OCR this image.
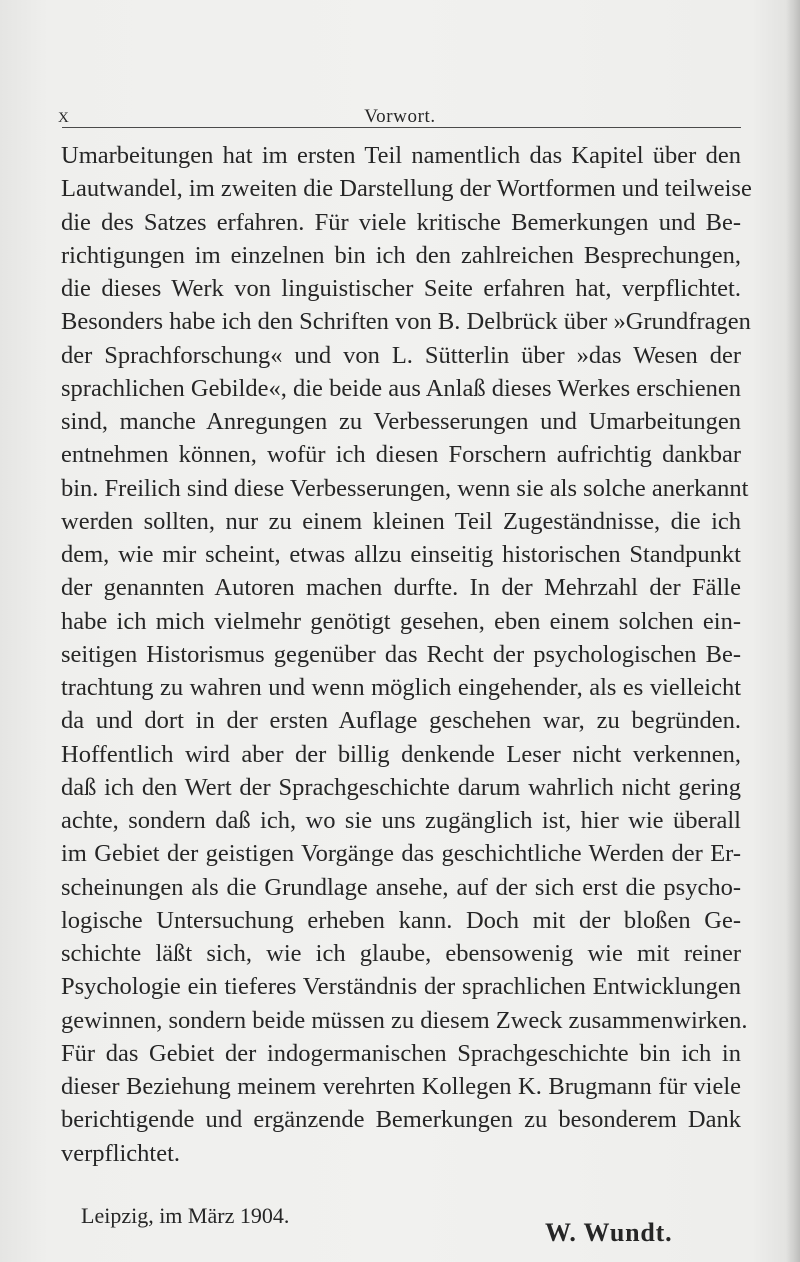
X	Vorwort.
Umarbeitungen hat im ersten Teil namentlich das Kapitel über den
Lautwandel, im zweiten die Darstellung der Wortformen und teilweise
die des Satzes erfahren. Für viele kritische Bemerkungen und Be-
richtigungen im einzelnen bin ich den zahlreichen Besprechungen,
die dieses Werk von linguistischer Seite erfahren hat, verpflichtet.
Besonders habe ich den Schriften von B. Delbrück über »Grundfragen
der Sprachforschung« und von L. Sütterlin über »das Wesen der
sprachlichen Gebilde«, die beide aus Anlaß dieses Werkes erschienen
sind, manche Anregungen zu Verbesserungen und Umarbeitungen
entnehmen können, wofür ich diesen Forschern aufrichtig dankbar
bin. Freilich sind diese Verbesserungen, wenn sie als solche anerkannt
werden sollten, nur zu einem kleinen Teil Zugeständnisse, die ich
dem, wie mir scheint, etwas allzu einseitig historischen Standpunkt
der genannten Autoren machen durfte. In der Mehrzahl der Fälle
habe ich mich vielmehr genötigt gesehen, eben einem solchen ein-
seitigen Historismus gegenüber das Recht der psychologischen Be-
trachtung zu wahren und wenn möglich eingehender, als es vielleicht
da und dort in der ersten Auflage geschehen war, zu begründen.
Hoffentlich wird aber der billig denkende Leser nicht verkennen,
daß ich den Wert der Sprachgeschichte darum wahrlich nicht gering
achte, sondern daß ich, wo sie uns zugänglich ist, hier wie überall
im Gebiet der geistigen Vorgänge das geschichtliche Werden der Er-
scheinungen als die Grundlage ansehe, auf der sich erst die psycho-
logische Untersuchung erheben kann. Doch mit der bloßen Ge-
schichte läßt sich, wie ich glaube, ebensowenig wie mit reiner
Psychologie ein tieferes Verständnis der sprachlichen Entwicklungen
gewinnen, sondern beide müssen zu diesem Zweck zusammenwirken.
Für das Gebiet der indogermanischen Sprachgeschichte bin ich in
dieser Beziehung meinem verehrten Kollegen K. Brugmann für viele
berichtigende und ergänzende Bemerkungen zu besonderem Dank
verpflichtet.
Leipzig, im März 1904.
W. Wundt.
